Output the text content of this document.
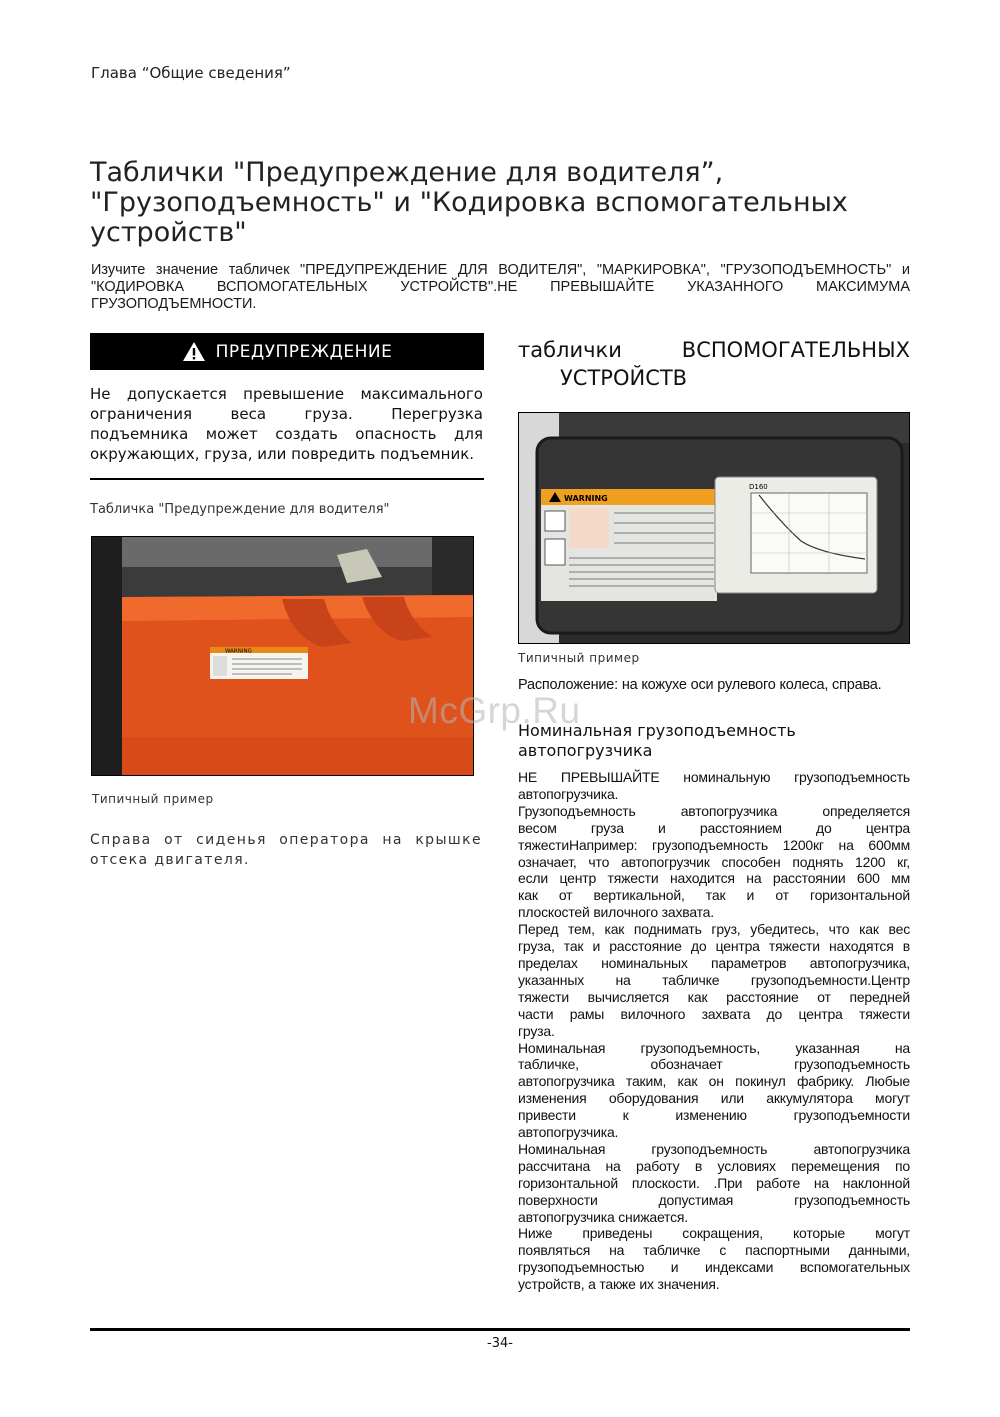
Глава “Общие сведения”
Таблички "Предупреждение для водителя”,
"Грузоподъемность" и "Кодировка вспомогательных
устройств"
Изучите значение табличек "ПРЕДУПРЕЖДЕНИЕ ДЛЯ ВОДИТЕЛЯ", "МАРКИРОВКА", "ГРУЗОПОДЪЕМНОСТЬ" и "КОДИРОВКА ВСПОМОГАТЕЛЬНЫХ УСТРОЙСТВ".НЕ ПРЕВЫШАЙТЕ УКАЗАННОГО МАКСИМУМА ГРУЗОПОДЪЕМНОСТИ.
ПРЕДУПРЕЖДЕНИЕ
Не допускается превышение максимального
ограничения веса груза. Перегрузка
подъемника может создать опасность для
окружающих, груза, или повредить подъемник.
Табличка "Предупреждение для водителя"
WARNING
Типичный пример
Справа от сиденья оператора на крышке
отсека двигателя.
таблички	ВСПОМОГАТЕЛЬНЫХ
УСТРОЙСТВ
WARNING
D160
Типичный пример
Расположение: на кожухе оси рулевого колеса, справа.
McGrp.Ru
Номинальная грузоподъемность
автопогрузчика
НЕ ПРЕВЫШАЙТЕ номинальную грузоподъемность
автопогрузчика.
Грузоподъемность автопогрузчика определяется
весом груза и расстоянием до центра
тяжестиНапример: грузоподъемность 1200кг на 600мм
означает, что автопогрузчик способен поднять 1200 кг,
если центр тяжести находится на расстоянии 600 мм
как от вертикальной, так и от горизонтальной
плоскостей вилочного захвата.
Перед тем, как поднимать груз, убедитесь, что как вес
груза, так и расстояние до центра тяжести находятся в
пределах номинальных параметров автопогрузчика,
указанных на табличке грузоподъемности.Центр
тяжести вычисляется как расстояние от передней
части рамы вилочного захвата до центра тяжести
груза.
Номинальная грузоподъемность, указанная на
табличке, обозначает грузоподъемность
автопогрузчика таким, как он покинул фабрику. Любые
изменения оборудования или аккумулятора могут
привести к изменению грузоподъемности
автопогрузчика.
Номинальная грузоподъемность автопогрузчика
рассчитана на работу в условиях перемещения по
горизонтальной плоскости. .При работе на наклонной
поверхности допустимая грузоподъемность
автопогрузчика снижается.
Ниже приведены сокращения, которые могут
появляться на табличке с паспортными данными,
грузоподъемностью и индексами вспомогательных
устройств, а также их значения.
-34-
